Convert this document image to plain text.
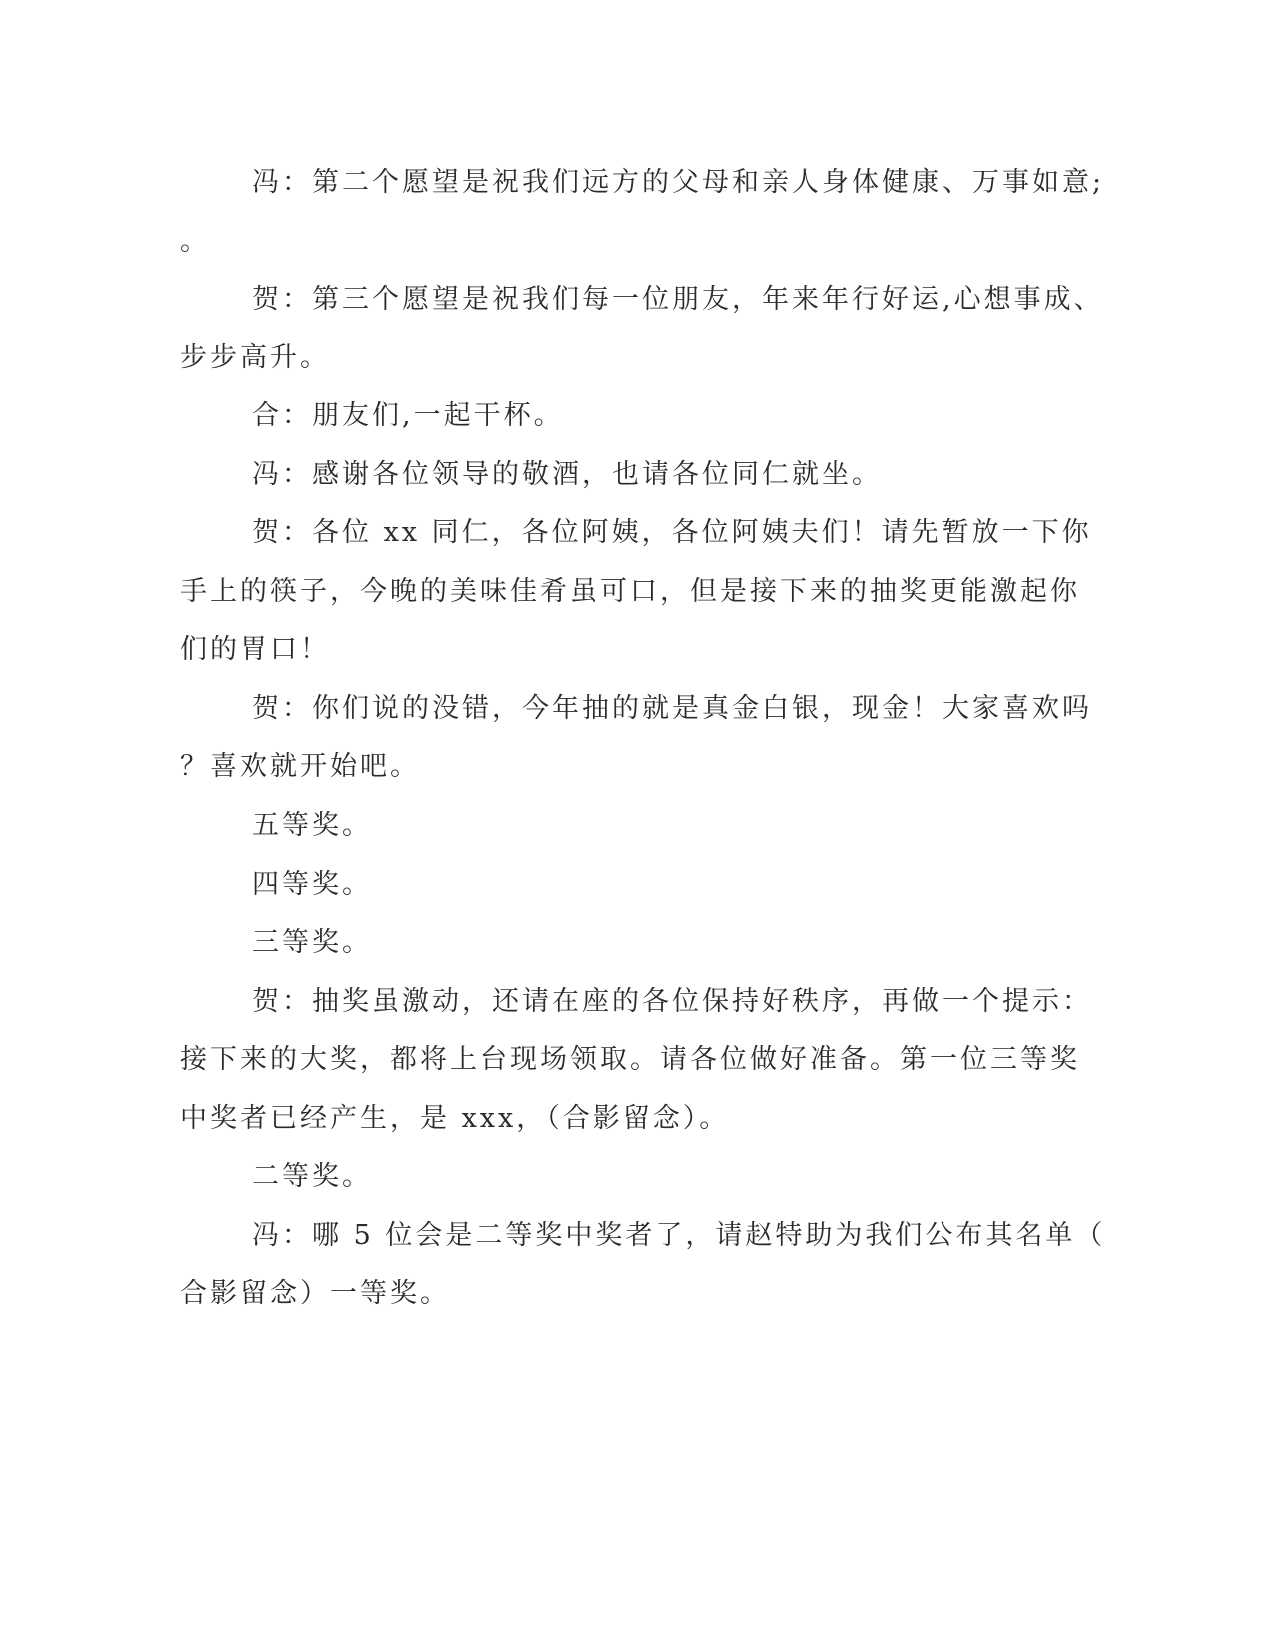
冯：第二个愿望是祝我们远方的父母和亲人身体健康、万事如意;

。

贺：第三个愿望是祝我们每一位朋友，年来年行好运,心想事成、

步步高升。

合：朋友们,一起干杯。

冯：感谢各位领导的敬酒，也请各位同仁就坐。

贺：各位 xx 同仁，各位阿姨，各位阿姨夫们！请先暂放一下你

手上的筷子，今晚的美味佳肴虽可口，但是接下来的抽奖更能激起你

们的胃口！

贺：你们说的没错，今年抽的就是真金白银，现金！大家喜欢吗

？喜欢就开始吧。

五等奖。

四等奖。

三等奖。

贺：抽奖虽激动，还请在座的各位保持好秩序，再做一个提示：

接下来的大奖，都将上台现场领取。请各位做好准备。第一位三等奖

中奖者已经产生，是 xxx，（合影留念）。

二等奖。

冯：哪 5 位会是二等奖中奖者了，请赵特助为我们公布其名单（

合影留念）一等奖。
